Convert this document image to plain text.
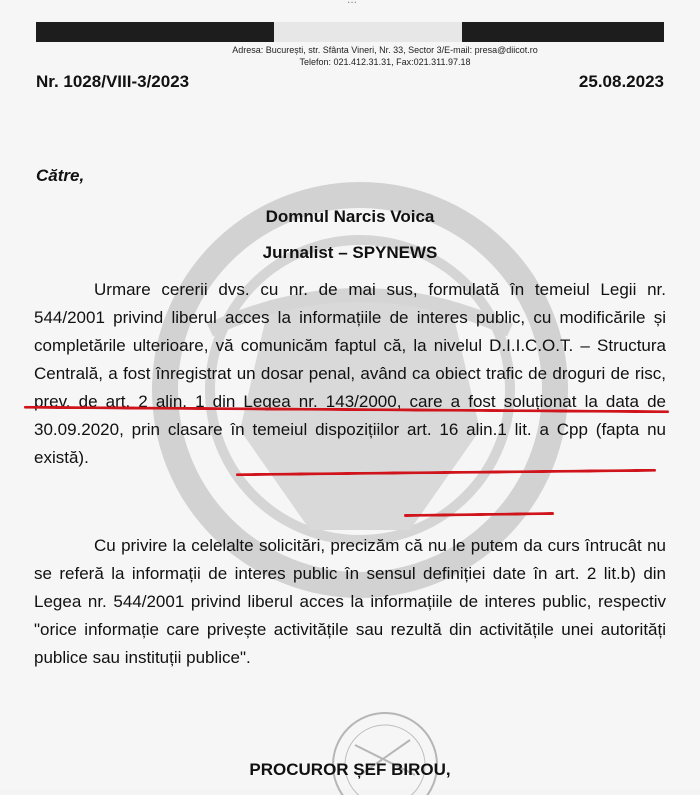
Adresa: București, str. Sfânta Vineri, Nr. 33, Sector 3/E-mail: presa@diicot.ro
Telefon: 021.412.31.31, Fax:021.311.97.18
Nr. 1028/VIII-3/2023	25.08.2023
Către,
Domnul Narcis Voica
Jurnalist – SPYNEWS
Urmare cererii dvs. cu nr. de mai sus, formulată în temeiul Legii nr. 544/2001 privind liberul acces la informațiile de interes public, cu modificările și completările ulterioare, vă comunicăm faptul că, la nivelul D.I.I.C.O.T. – Structura Centrală, a fost înregistrat un dosar penal, având ca obiect trafic de droguri de risc, prev. de art. 2 alin. 1 din Legea nr. 143/2000, care a fost soluționat la data de 30.09.2020, prin clasare în temeiul dispozițiilor art. 16 alin.1 lit. a Cpp (fapta nu există).
Cu privire la celelalte solicitări, precizăm că nu le putem da curs întrucât nu se referă la informații de interes public în sensul definiției date în art. 2 lit.b) din Legea nr. 544/2001 privind liberul acces la informațiile de interes public, respectiv "orice informație care privește activitățile sau rezultă din activitățile unei autorități publice sau instituții publice".
PROCUROR ȘEF BIROU,
